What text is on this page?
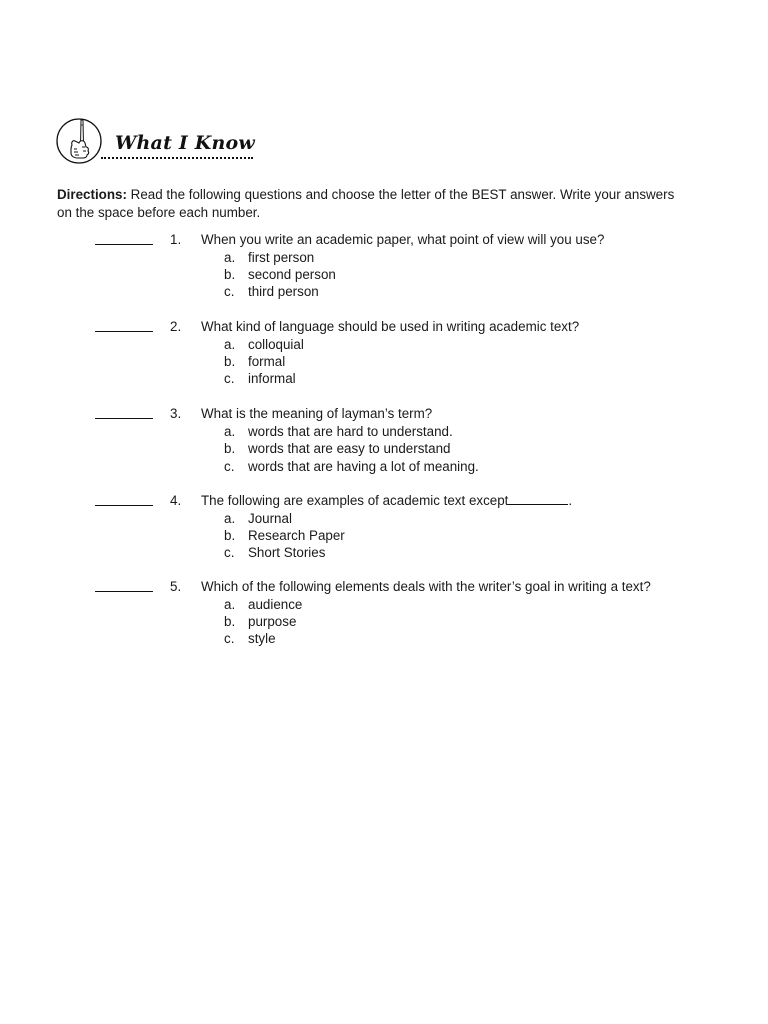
What I Know
Directions: Read the following questions and choose the letter of the BEST answer. Write your answers on the space before each number.
1. When you write an academic paper, what point of view will you use?
a. first person
b. second person
c. third person
2. What kind of language should be used in writing academic text?
a. colloquial
b. formal
c. informal
3. What is the meaning of layman’s term?
a. words that are hard to understand.
b. words that are easy to understand
c. words that are having a lot of meaning.
4. The following are examples of academic text except	.
a. Journal
b. Research Paper
c. Short Stories
5. Which of the following elements deals with the writer’s goal in writing a text?
a. audience
b. purpose
c. style
